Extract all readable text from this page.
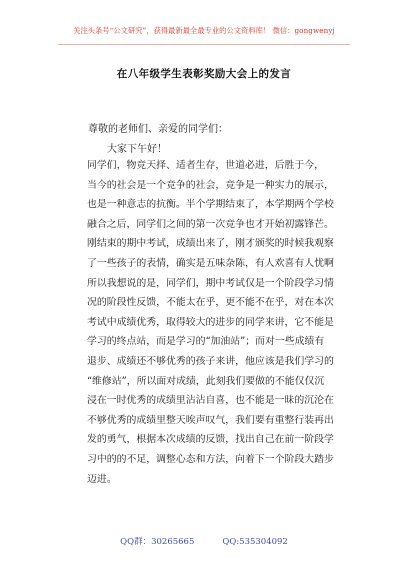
关注头条号“公文研究”，获得最新最全最专业的公文资料库！ 微信：gongwenyj
在八年级学生表彰奖励大会上的发言
尊敬的老师们、亲爱的同学们：
大家下午好！
同学们，物竞天择、适者生存，世道必进，后胜于今，
当今的社会是一个竞争的社会，竞争是一种实力的展示，
也是一种意志的抗衡。半个学期结束了，本学期两个学校
融合之后，同学们之间的第一次竞争也才开始初露锋芒。
刚结束的期中考试，成绩出来了，刚才颁奖的时候我观察
了一些孩子的表情，确实是五味杂陈，有人欢喜有人忧啊
所以我想说的是，同学们，期中考试仅是一个阶段学习情
况的阶段性反馈，不能太在乎，更不能不在乎，对在本次
考试中成绩优秀，取得较大的进步的同学来讲，它不能是
学习的终点站，而是学习的“加油站”；而对一些成绩有
退步、成绩还不够优秀的孩子来讲，他应该是我们学习的
“维修站”，所以面对成绩，此刻我们要做的不能仅仅沉
浸在一时优秀的成绩里沾沾自喜，也不能是一昧的沉沦在
不够优秀的成绩里整天唉声叹气，我们要有重整行装再出
发的勇气，根据本次成绩的反馈，找出自己在前一阶段学
习中的的不足，调整心态和方法，向着下一个阶段大踏步
迈进。
QQ群：30265665	QQ:535304092
